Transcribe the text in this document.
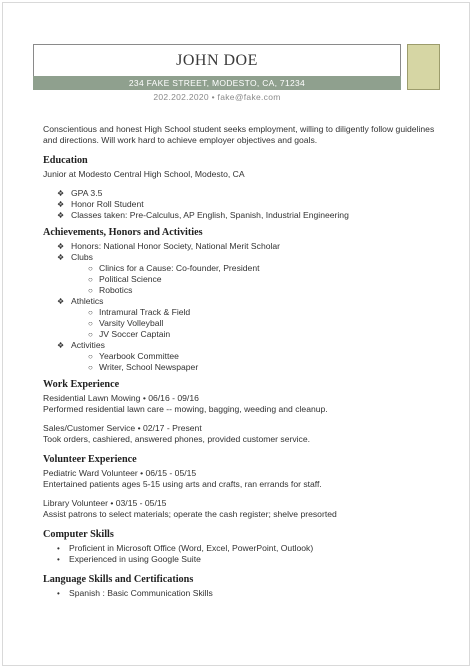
JOHN DOE
234 FAKE STREET, MODESTO, CA, 71234
202.202.2020 • fake@fake.com

Conscientious and honest High School student seeks employment, willing to diligently follow guidelines and directions. Will work hard to achieve employer objectives and goals.

Education

Junior at Modesto Central High School, Modesto, CA

❖ GPA 3.5
❖ Honor Roll Student
❖ Classes taken: Pre-Calculus, AP English, Spanish, Industrial Engineering
Achievements, Honors and Activities
❖ Honors: National Honor Society, National Merit Scholar
❖ Clubs
○ Clinics for a Cause: Co-founder, President
○ Political Science
○ Robotics
❖ Athletics
○ Intramural Track & Field
○ Varsity Volleyball
○ JV Soccer Captain
❖ Activities
○ Yearbook Committee
○ Writer, School Newspaper
Work Experience

Residential Lawn Mowing • 06/16 - 09/16

Performed residential lawn care -- mowing, bagging, weeding and cleanup.

Sales/Customer Service • 02/17 - Present

Took orders, cashiered, answered phones, provided customer service.

Volunteer Experience

Pediatric Ward Volunteer • 06/15 - 05/15

Entertained patients ages 5-15 using arts and crafts, ran errands for staff.

Library Volunteer • 03/15 - 05/15

Assist patrons to select materials; operate the cash register; shelve presorted

Computer Skills
• Proficient in Microsoft Office (Word, Excel, PowerPoint, Outlook)
• Experienced in using Google Suite
Language Skills and Certifications
• Spanish : Basic Communication Skills
